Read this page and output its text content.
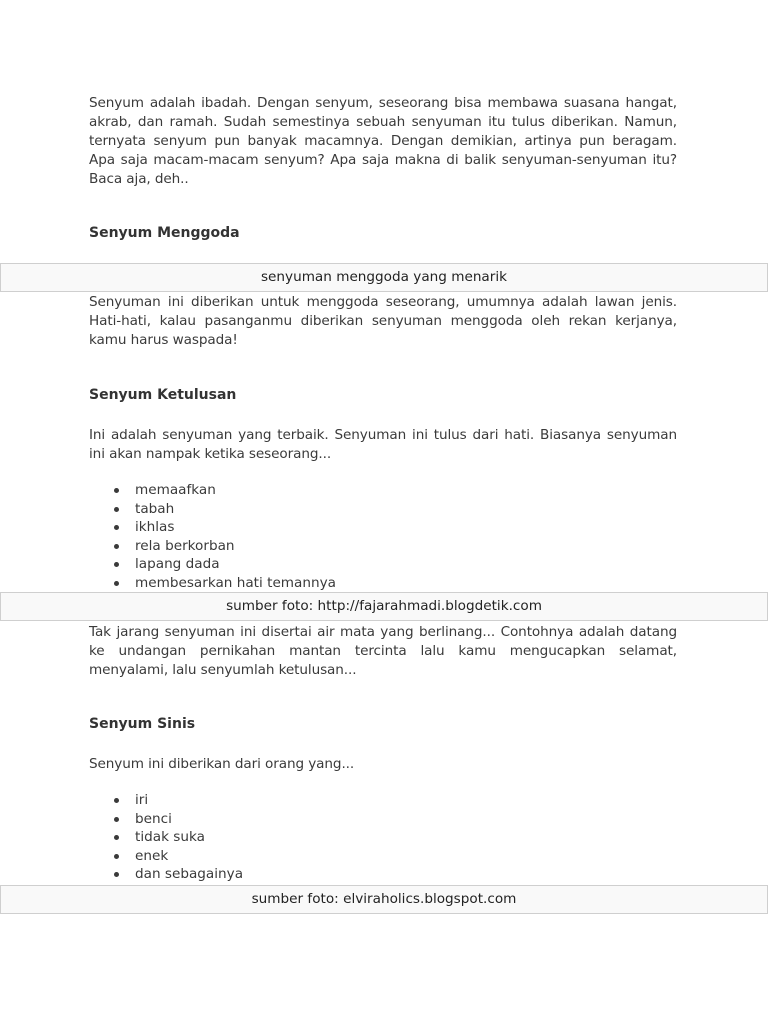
Senyum adalah ibadah. Dengan senyum, seseorang bisa membawa suasana hangat, akrab, dan ramah. Sudah semestinya sebuah senyuman itu tulus diberikan. Namun, ternyata senyum pun banyak macamnya. Dengan demikian, artinya pun beragam. Apa saja macam-macam senyum? Apa saja makna di balik senyuman-senyuman itu? Baca aja, deh..

Senyum Menggoda
senyuman menggoda yang menarik

Senyuman ini diberikan untuk menggoda seseorang, umumnya adalah lawan jenis. Hati-hati, kalau pasanganmu diberikan senyuman menggoda oleh rekan kerjanya, kamu harus waspada!

Senyum Ketulusan

Ini adalah senyuman yang terbaik. Senyuman ini tulus dari hati. Biasanya senyuman ini akan nampak ketika seseorang...

memaafkan
tabah
ikhlas
rela berkorban
lapang dada
membesarkan hati temannya
sumber foto: http://fajarahmadi.blogdetik.com

Tak jarang senyuman ini disertai air mata yang berlinang... Contohnya adalah datang ke undangan pernikahan mantan tercinta lalu kamu mengucapkan selamat, menyalami, lalu senyumlah ketulusan...

Senyum Sinis

Senyum ini diberikan dari orang yang...

iri
benci
tidak suka
enek
dan sebagainya
sumber foto: elviraholics.blogspot.com
